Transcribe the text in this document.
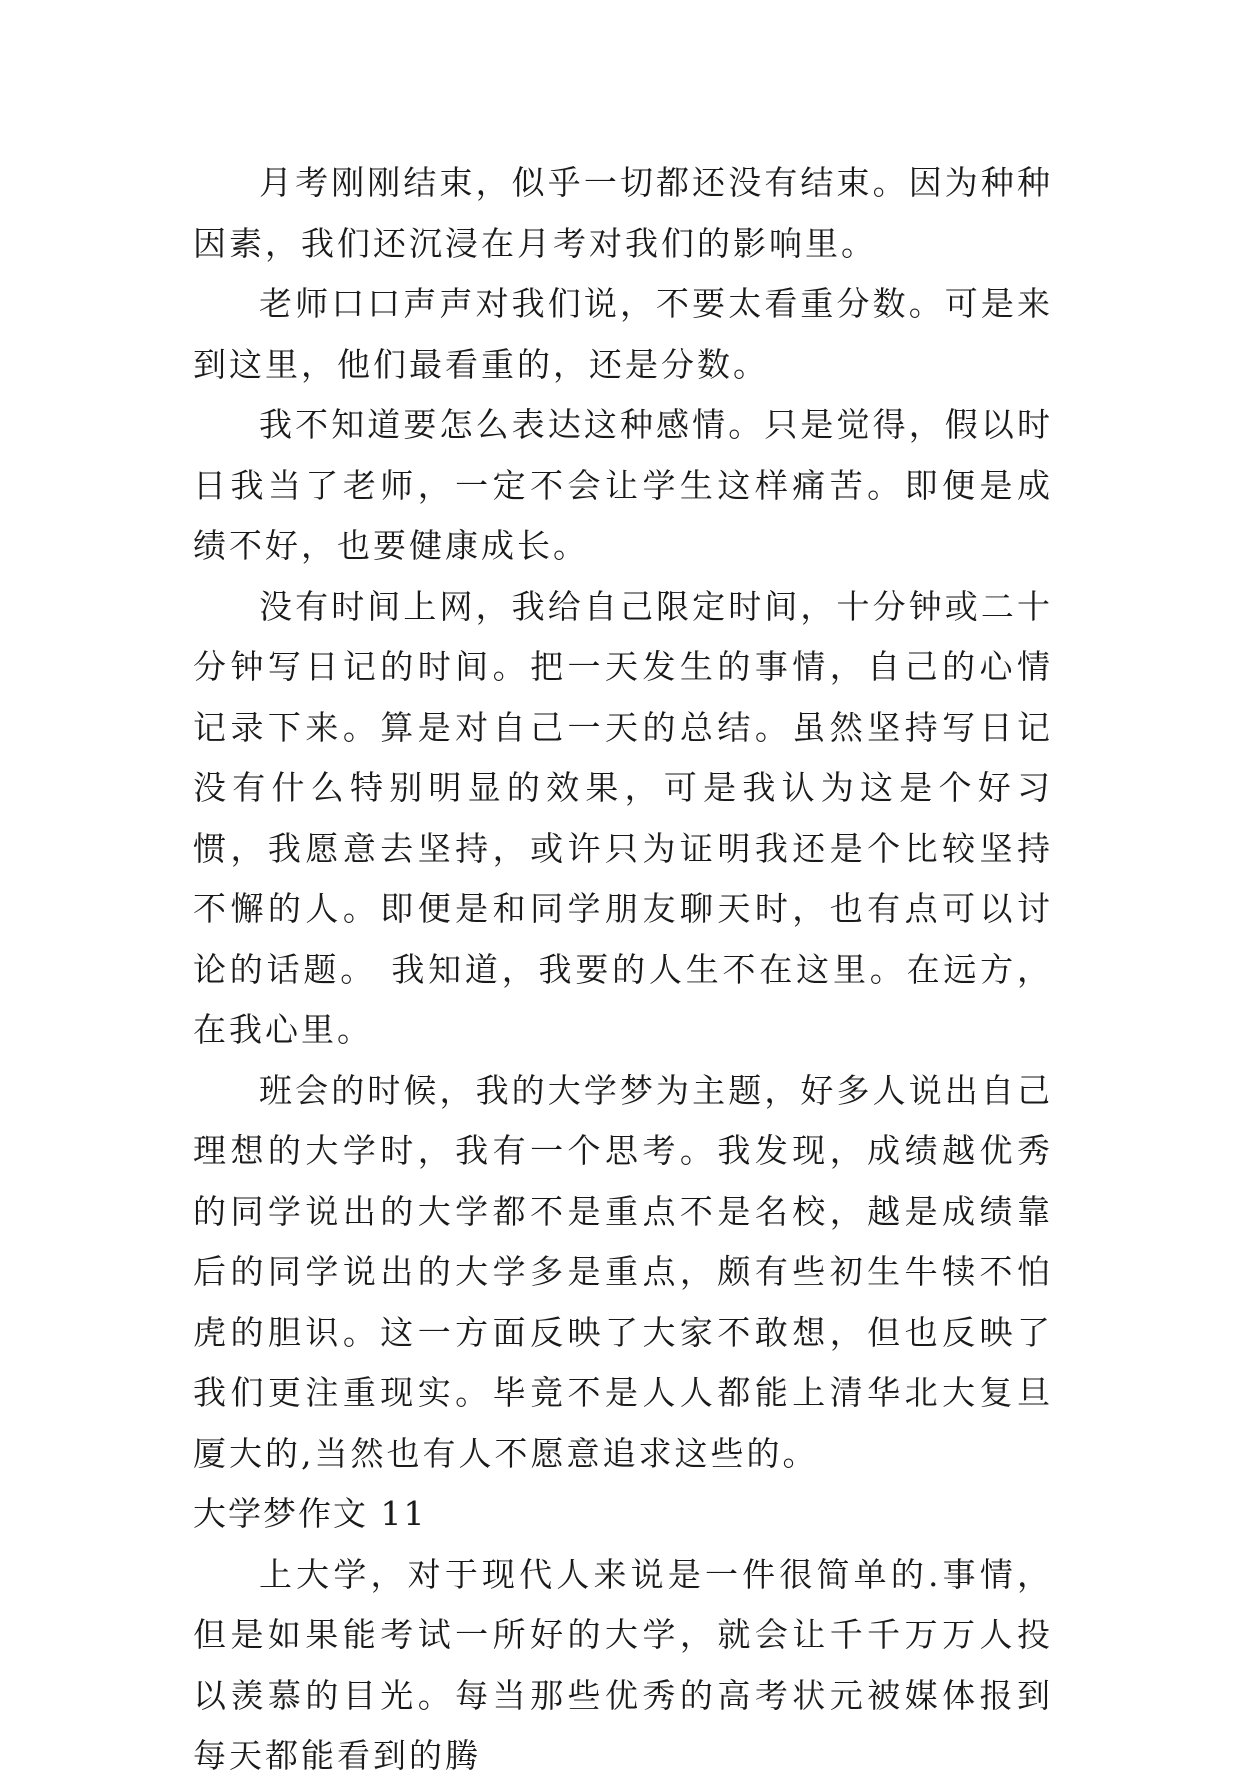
月考刚刚结束，似乎一切都还没有结束。因为种种因素，我们还沉浸在月考对我们的影响里。

老师口口声声对我们说，不要太看重分数。可是来到这里，他们最看重的，还是分数。

我不知道要怎么表达这种感情。只是觉得，假以时日我当了老师，一定不会让学生这样痛苦。即便是成绩不好，也要健康成长。

没有时间上网，我给自己限定时间，十分钟或二十分钟写日记的时间。把一天发生的事情，自己的心情记录下来。算是对自己一天的总结。虽然坚持写日记没有什么特别明显的效果，可是我认为这是个好习惯，我愿意去坚持，或许只为证明我还是个比较坚持不懈的人。即便是和同学朋友聊天时，也有点可以讨论的话题。 我知道，我要的人生不在这里。在远方，在我心里。

班会的时候，我的大学梦为主题，好多人说出自己理想的大学时，我有一个思考。我发现，成绩越优秀的同学说出的大学都不是重点不是名校，越是成绩靠后的同学说出的大学多是重点，颇有些初生牛犊不怕虎的胆识。这一方面反映了大家不敢想，但也反映了我们更注重现实。毕竟不是人人都能上清华北大复旦厦大的,当然也有人不愿意追求这些的。

大学梦作文 11

上大学，对于现代人来说是一件很简单的.事情，但是如果能考试一所好的大学，就会让千千万万人投以羡慕的目光。每当那些优秀的高考状元被媒体报到每天都能看到的腾
